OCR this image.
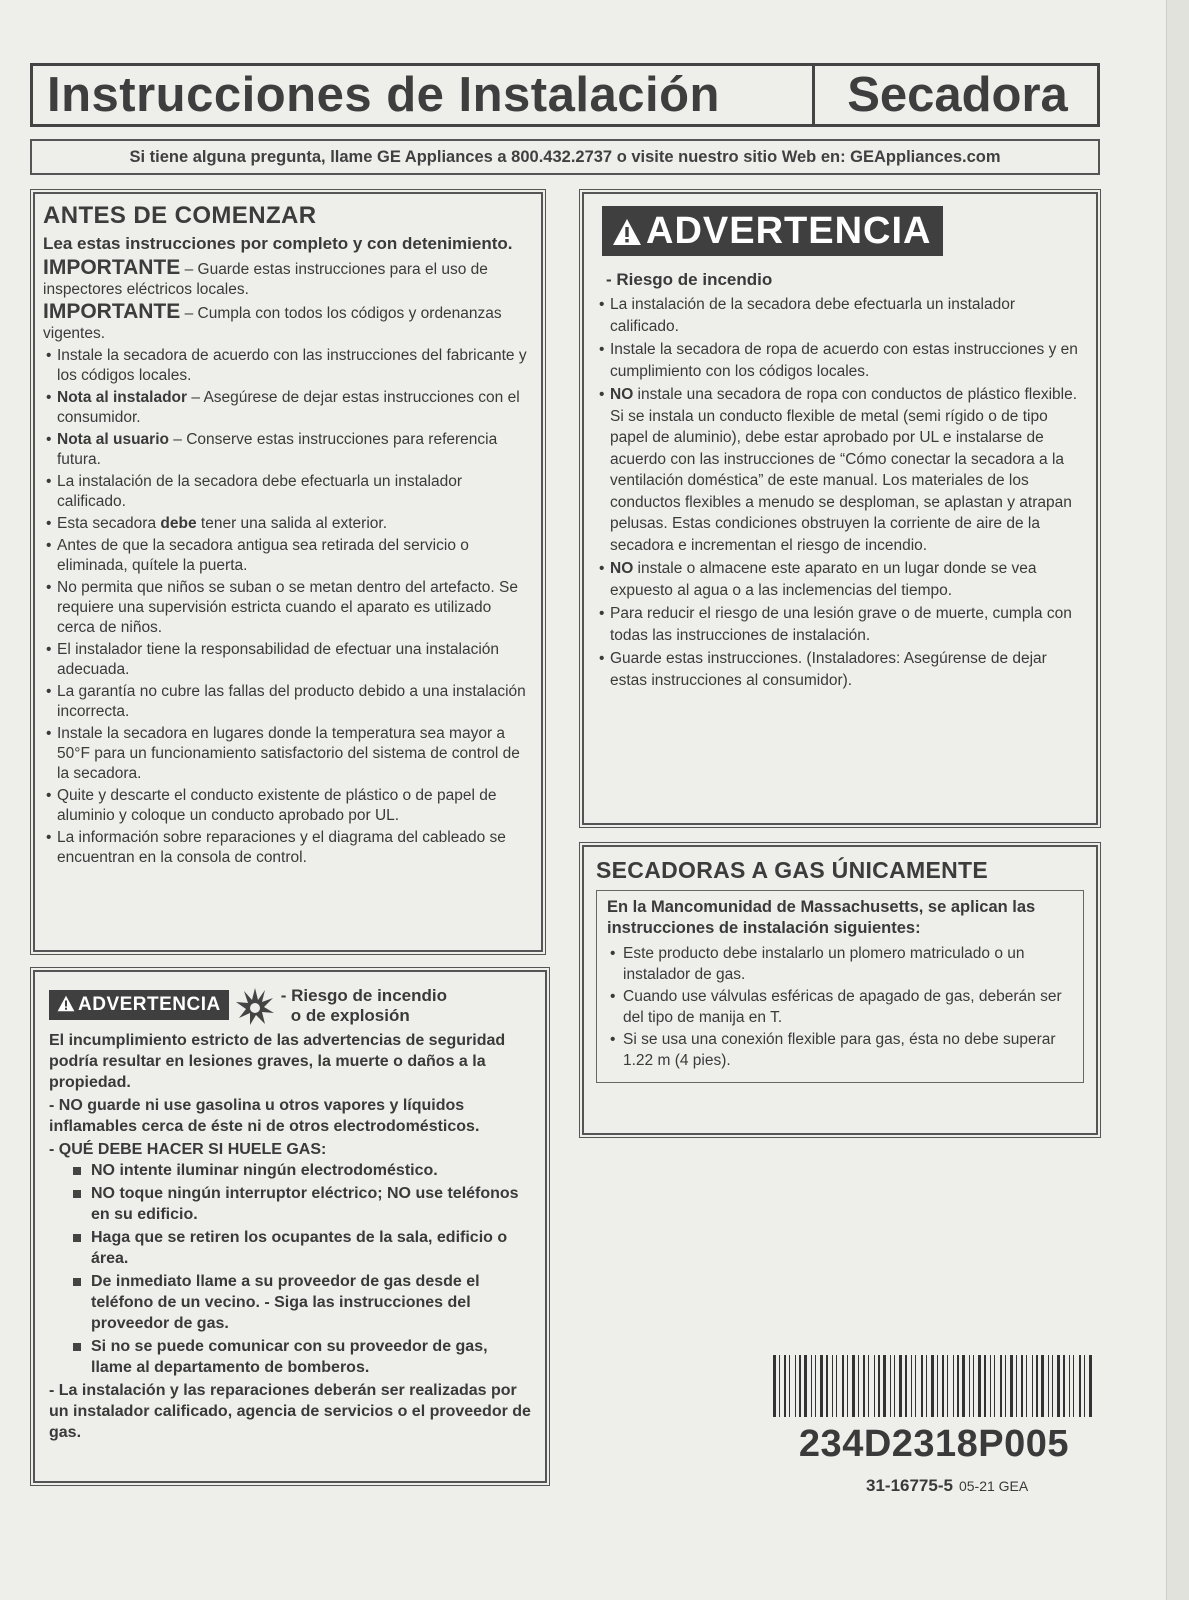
Instrucciones de Instalación	Secadora
Si tiene alguna pregunta, llame GE Appliances a 800.432.2737 o visite nuestro sitio Web en: GEAppliances.com
ANTES DE COMENZAR
Lea estas instrucciones por completo y con detenimiento.
IMPORTANTE – Guarde estas instrucciones para el uso de inspectores eléctricos locales.
IMPORTANTE – Cumpla con todos los códigos y ordenanzas vigentes.
• Instale la secadora de acuerdo con las instrucciones del fabricante y los códigos locales.
• Nota al instalador – Asegúrese de dejar estas instrucciones con el consumidor.
• Nota al usuario – Conserve estas instrucciones para referencia futura.
• La instalación de la secadora debe efectuarla un instalador calificado.
• Esta secadora debe tener una salida al exterior.
• Antes de que la secadora antigua sea retirada del servicio o eliminada, quítele la puerta.
• No permita que niños se suban o se metan dentro del artefacto. Se requiere una supervisión estricta cuando el aparato es utilizado cerca de niños.
• El instalador tiene la responsabilidad de efectuar una instalación adecuada.
• La garantía no cubre las fallas del producto debido a una instalación incorrecta.
• Instale la secadora en lugares donde la temperatura sea mayor a 50°F para un funcionamiento satisfactorio del sistema de control de la secadora.
• Quite y descarte el conducto existente de plástico o de papel de aluminio y coloque un conducto aprobado por UL.
• La información sobre reparaciones y el diagrama del cableado se encuentran en la consola de control.
ADVERTENCIA
- Riesgo de incendio
• La instalación de la secadora debe efectuarla un instalador calificado.
• Instale la secadora de ropa de acuerdo con estas instrucciones y en cumplimiento con los códigos locales.
• NO instale una secadora de ropa con conductos de plástico flexible. Si se instala un conducto flexible de metal (semi rígido o de tipo papel de aluminio), debe estar aprobado por UL e instalarse de acuerdo con las instrucciones de “Cómo conectar la secadora a la ventilación doméstica” de este manual. Los materiales de los conductos flexibles a menudo se desploman, se aplastan y atrapan pelusas. Estas condiciones obstruyen la corriente de aire de la secadora e incrementan el riesgo de incendio.
• NO instale o almacene este aparato en un lugar donde se vea expuesto al agua o a las inclemencias del tiempo.
• Para reducir el riesgo de una lesión grave o de muerte, cumpla con todas las instrucciones de instalación.
• Guarde estas instrucciones. (Instaladores: Asegúrense de dejar estas instrucciones al consumidor).
SECADORAS A GAS ÚNICAMENTE
En la Mancomunidad de Massachusetts, se aplican las instrucciones de instalación siguientes:
• Este producto debe instalarlo un plomero matriculado o un instalador de gas.
• Cuando use válvulas esféricas de apagado de gas, deberán ser del tipo de manija en T.
• Si se usa una conexión flexible para gas, ésta no debe superar 1.22 m (4 pies).
ADVERTENCIA	- Riesgo de incendio
o de explosión
El incumplimiento estricto de las advertencias de seguridad podría resultar en lesiones graves, la muerte o daños a la propiedad.
- NO guarde ni use gasolina u otros vapores y líquidos inflamables cerca de éste ni de otros electrodomésticos.
- QUÉ DEBE HACER SI HUELE GAS:
NO intente iluminar ningún electrodoméstico.
NO toque ningún interruptor eléctrico; NO use teléfonos en su edificio.
Haga que se retiren los ocupantes de la sala, edificio o área.
De inmediato llame a su proveedor de gas desde el teléfono de un vecino. - Siga las instrucciones del proveedor de gas.
Si no se puede comunicar con su proveedor de gas, llame al departamento de bomberos.
- La instalación y las reparaciones deberán ser realizadas por un instalador calificado, agencia de servicios o el proveedor de gas.	234D2318P005
31-16775-5 05-21 GEA
